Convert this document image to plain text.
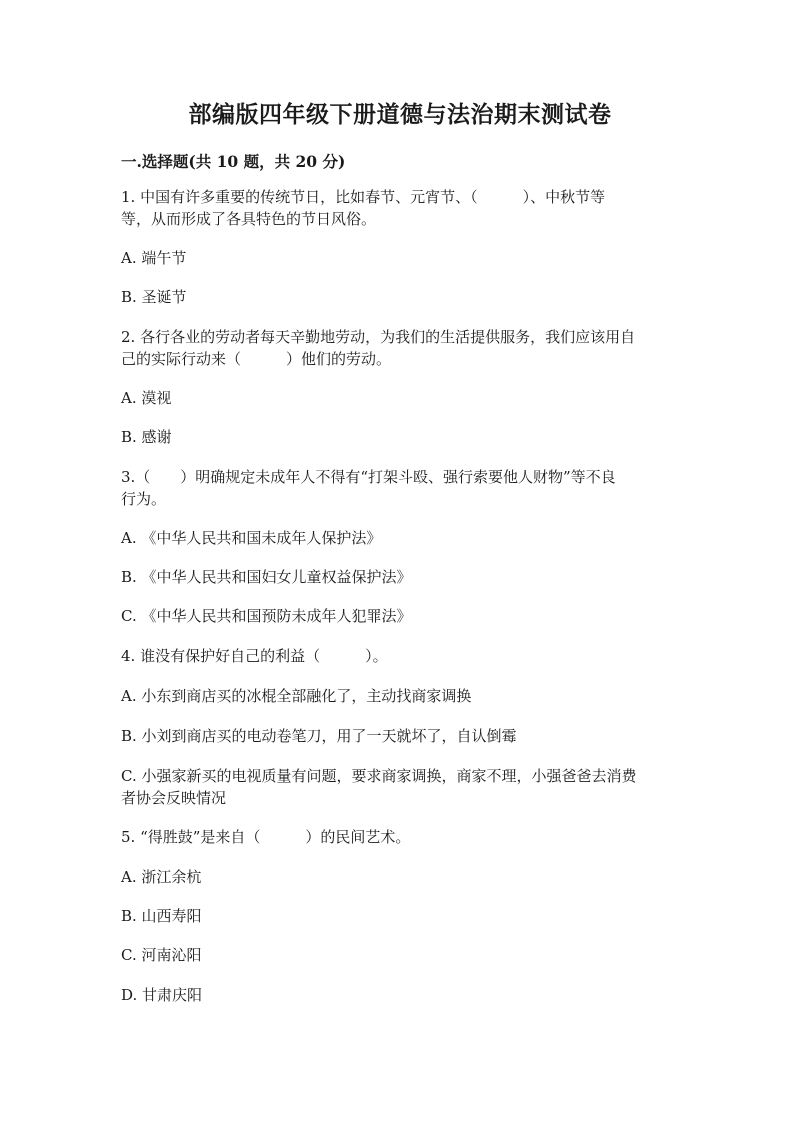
部编版四年级下册道德与法治期末测试卷
一.选择题(共 10 题，共 20 分)
1. 中国有许多重要的传统节日，比如春节、元宵节、（　　　）、中秋节等
等，从而形成了各具特色的节日风俗。
A. 端午节
B. 圣诞节
2. 各行各业的劳动者每天辛勤地劳动，为我们的生活提供服务，我们应该用自
己的实际行动来（　　　）他们的劳动。
A. 漠视
B. 感谢
3.（　　）明确规定未成年人不得有“打架斗殴、强行索要他人财物”等不良
行为。
A. 《中华人民共和国未成年人保护法》
B. 《中华人民共和国妇女儿童权益保护法》
C. 《中华人民共和国预防未成年人犯罪法》
4. 谁没有保护好自己的利益（　　　）。
A. 小东到商店买的冰棍全部融化了，主动找商家调换
B. 小刘到商店买的电动卷笔刀，用了一天就坏了，自认倒霉
C. 小强家新买的电视质量有问题，要求商家调换，商家不理，小强爸爸去消费
者协会反映情况
5. “得胜鼓”是来自（　　　）的民间艺术。
A. 浙江余杭
B. 山西寿阳
C. 河南沁阳
D. 甘肃庆阳
